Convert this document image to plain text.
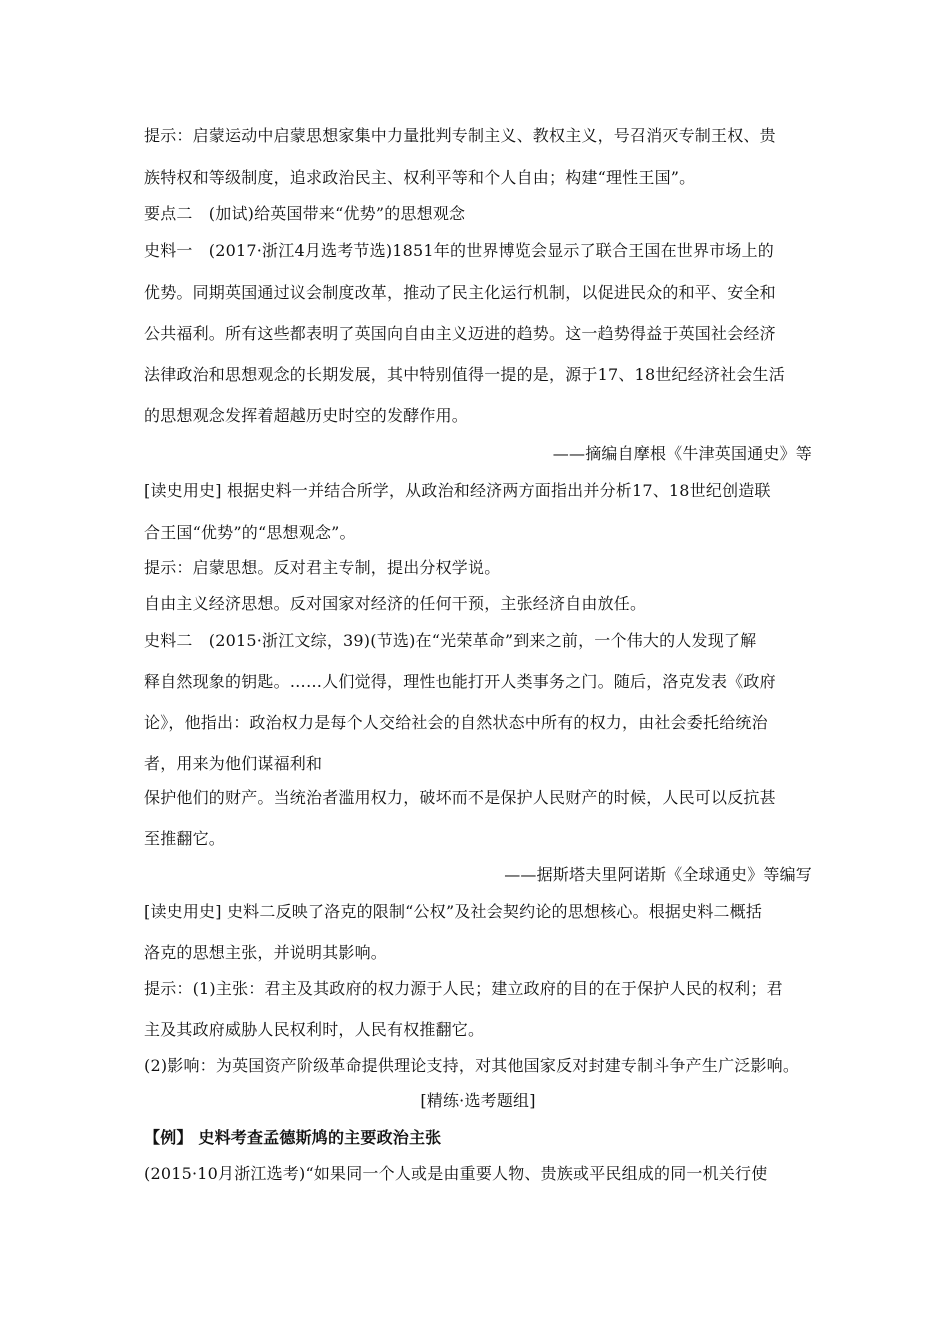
提示：启蒙运动中启蒙思想家集中力量批判专制主义、教权主义，号召消灭专制王权、贵
族特权和等级制度，追求政治民主、权利平等和个人自由；构建“理性王国”。
要点二　(加试)给英国带来“优势”的思想观念
史料一　(2017·浙江4月选考节选)1851年的世界博览会显示了联合王国在世界市场上的
优势。同期英国通过议会制度改革，推动了民主化运行机制，以促进民众的和平、安全和
公共福利。所有这些都表明了英国向自由主义迈进的趋势。这一趋势得益于英国社会经济
法律政治和思想观念的长期发展，其中特别值得一提的是，源于17、18世纪经济社会生活
的思想观念发挥着超越历史时空的发酵作用。
——摘编自摩根《牛津英国通史》等
[读史用史] 根据史料一并结合所学，从政治和经济两方面指出并分析17、18世纪创造联
合王国“优势”的“思想观念”。
提示：启蒙思想。反对君主专制，提出分权学说。
自由主义经济思想。反对国家对经济的任何干预，主张经济自由放任。
史料二　(2015·浙江文综，39)(节选)在“光荣革命”到来之前，一个伟大的人发现了解
释自然现象的钥匙。……人们觉得，理性也能打开人类事务之门。随后，洛克发表《政府
论》，他指出：政治权力是每个人交给社会的自然状态中所有的权力，由社会委托给统治
者，用来为他们谋福利和
保护他们的财产。当统治者滥用权力，破坏而不是保护人民财产的时候，人民可以反抗甚
至推翻它。
——据斯塔夫里阿诺斯《全球通史》等编写
[读史用史] 史料二反映了洛克的限制“公权”及社会契约论的思想核心。根据史料二概括
洛克的思想主张，并说明其影响。
提示：(1)主张：君主及其政府的权力源于人民；建立政府的目的在于保护人民的权利；君
主及其政府威胁人民权利时，人民有权推翻它。
(2)影响：为英国资产阶级革命提供理论支持，对其他国家反对封建专制斗争产生广泛影响。
[精练·选考题组]
【例】 史料考查孟德斯鸠的主要政治主张
(2015·10月浙江选考)“如果同一个人或是由重要人物、贵族或平民组成的同一机关行使
